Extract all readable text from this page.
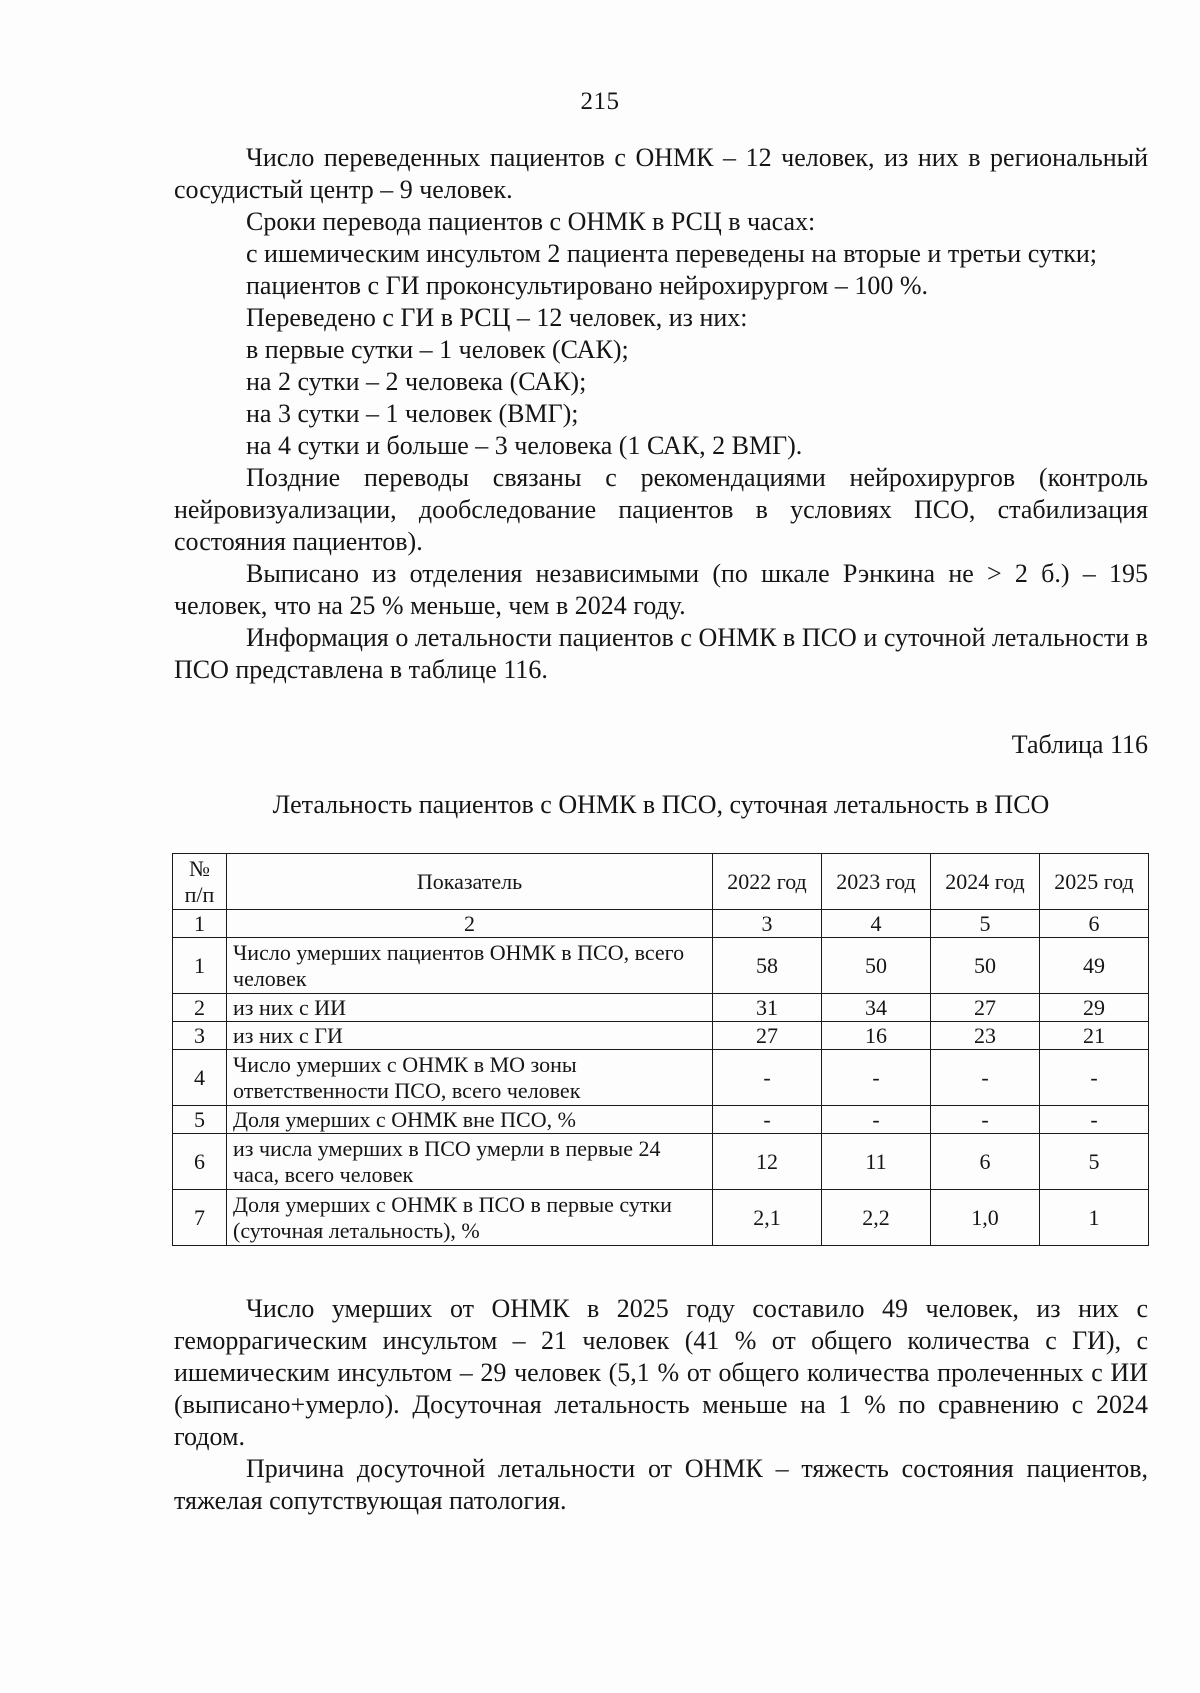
215

Число переведенных пациентов с ОНМК – 12 человек, из них в региональный сосудистый центр – 9 человек.

Сроки перевода пациентов с ОНМК в РСЦ в часах:

с ишемическим инсультом 2 пациента переведены на вторые и третьи сутки;

пациентов с ГИ проконсультировано нейрохирургом – 100 %.

Переведено с ГИ в РСЦ – 12 человек, из них:

в первые сутки – 1 человек (САК);

на 2 сутки – 2 человека (САК);

на 3 сутки – 1 человек (ВМГ);

на 4 сутки и больше – 3 человека (1 САК, 2 ВМГ).

Поздние переводы связаны с рекомендациями нейрохирургов (контроль нейровизуализации, дообследование пациентов в условиях ПСО, стабилизация состояния пациентов).

Выписано из отделения независимыми (по шкале Рэнкина не > 2 б.) – 195 человек, что на 25 % меньше, чем в 2024 году.

Информация о летальности пациентов с ОНМК в ПСО и суточной летальности в ПСО представлена в таблице 116.

Таблица 116
Летальность пациентов с ОНМК в ПСО, суточная летальность в ПСО
№ п/п	Показатель	2022 год	2023 год	2024 год	2025 год
1	2	3	4	5	6
1	Число умерших пациентов ОНМК в ПСО, всего человек	58	50	50	49
2	из них с ИИ	31	34	27	29
3	из них с ГИ	27	16	23	21
4	Число умерших с ОНМК в МО зоны ответственности ПСО, всего человек	-	-	-	-
5	Доля умерших с ОНМК вне ПСО, %	-	-	-	-
6	из числа умерших в ПСО умерли в первые 24 часа, всего человек	12	11	6	5
7	Доля умерших с ОНМК в ПСО в первые сутки (суточная летальность), %	2,1	2,2	1,0	1

Число умерших от ОНМК в 2025 году составило 49 человек, из них с геморрагическим инсультом – 21 человек (41 % от общего количества с ГИ), с ишемическим инсультом – 29 человек (5,1 % от общего количества пролеченных с ИИ (выписано+умерло). Досуточная летальность меньше на 1 % по сравнению с 2024 годом.

Причина досуточной летальности от ОНМК – тяжесть состояния пациентов, тяжелая сопутствующая патология.
